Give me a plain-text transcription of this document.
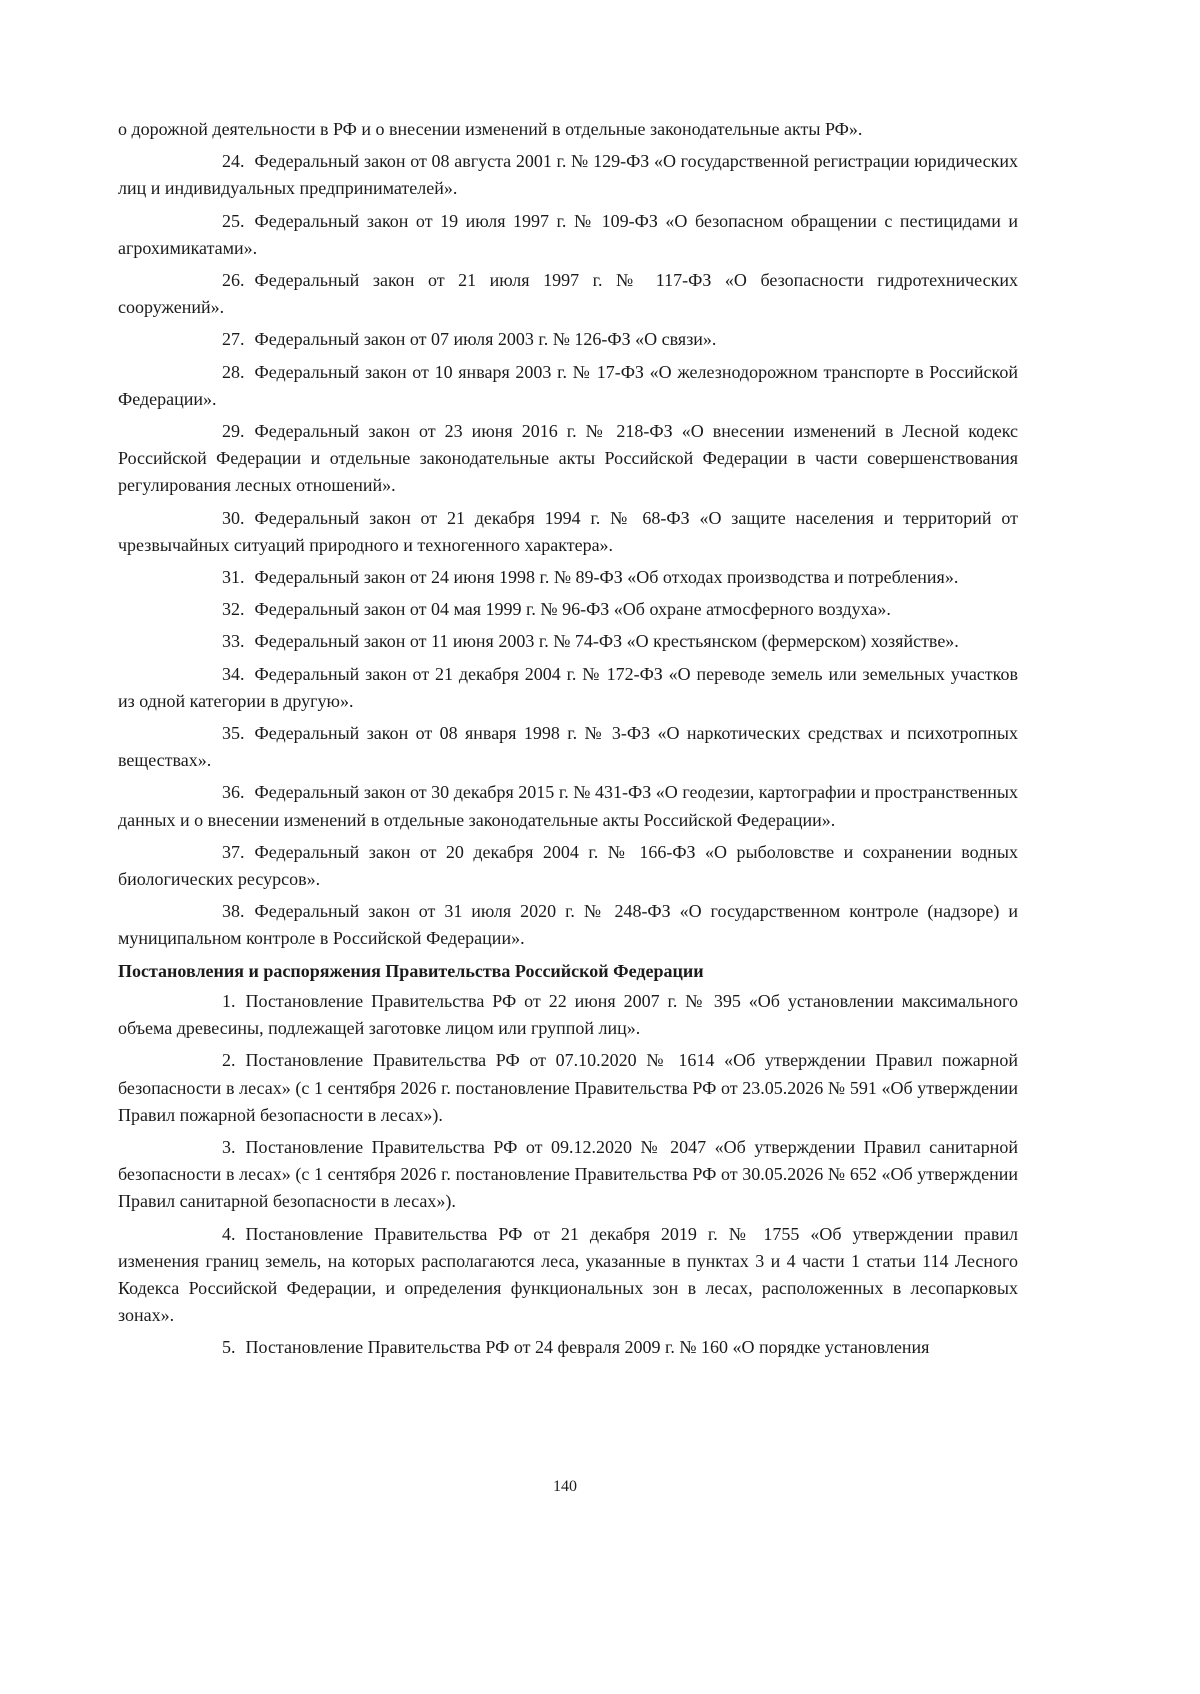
о дорожной деятельности в РФ и о внесении изменений в отдельные законодательные акты РФ».

24. Федеральный закон от 08 августа 2001 г. № 129-ФЗ «О государственной регистрации юридических лиц и индивидуальных предпринимателей».

25. Федеральный закон от 19 июля 1997 г. № 109-ФЗ «О безопасном обращении с пестицидами и агрохимикатами».

26. Федеральный закон от 21 июля 1997 г. № 117-ФЗ «О безопасности гидротехнических сооружений».

27. Федеральный закон от 07 июля 2003 г. № 126-ФЗ «О связи».

28. Федеральный закон от 10 января 2003 г. № 17-ФЗ «О железнодорожном транспорте в Российской Федерации».

29. Федеральный закон от 23 июня 2016 г. № 218-ФЗ «О внесении изменений в Лесной кодекс Российской Федерации и отдельные законодательные акты Российской Федерации в части совершенствования регулирования лесных отношений».

30. Федеральный закон от 21 декабря 1994 г. № 68-ФЗ «О защите населения и территорий от чрезвычайных ситуаций природного и техногенного характера».

31. Федеральный закон от 24 июня 1998 г. № 89-ФЗ «Об отходах производства и потребления».

32. Федеральный закон от 04 мая 1999 г. № 96-ФЗ «Об охране атмосферного воздуха».

33. Федеральный закон от 11 июня 2003 г. № 74-ФЗ «О крестьянском (фермерском) хозяйстве».

34. Федеральный закон от 21 декабря 2004 г. № 172-ФЗ «О переводе земель или земельных участков из одной категории в другую».

35. Федеральный закон от 08 января 1998 г. № 3-ФЗ «О наркотических средствах и психотропных веществах».

36. Федеральный закон от 30 декабря 2015 г. № 431-ФЗ «О геодезии, картографии и пространственных данных и о внесении изменений в отдельные законодательные акты Российской Федерации».

37. Федеральный закон от 20 декабря 2004 г. № 166-ФЗ «О рыболовстве и сохранении водных биологических ресурсов».

38. Федеральный закон от 31 июля 2020 г. № 248-ФЗ «О государственном контроле (надзоре) и муниципальном контроле в Российской Федерации».

Постановления и распоряжения Правительства Российской Федерации

1. Постановление Правительства РФ от 22 июня 2007 г. № 395 «Об установлении максимального объема древесины, подлежащей заготовке лицом или группой лиц».

2. Постановление Правительства РФ от 07.10.2020 № 1614 «Об утверждении Правил пожарной безопасности в лесах» (с 1 сентября 2026 г. постановление Правительства РФ от 23.05.2026 № 591 «Об утверждении Правил пожарной безопасности в лесах»).

3. Постановление Правительства РФ от 09.12.2020 № 2047 «Об утверждении Правил санитарной безопасности в лесах» (с 1 сентября 2026 г. постановление Правительства РФ от 30.05.2026 № 652 «Об утверждении Правил санитарной безопасности в лесах»).

4. Постановление Правительства РФ от 21 декабря 2019 г. № 1755 «Об утверждении правил изменения границ земель, на которых располагаются леса, указанные в пунктах 3 и 4 части 1 статьи 114 Лесного Кодекса Российской Федерации, и определения функциональных зон в лесах, расположенных в лесопарковых зонах».

5. Постановление Правительства РФ от 24 февраля 2009 г. № 160 «О порядке установления

140
